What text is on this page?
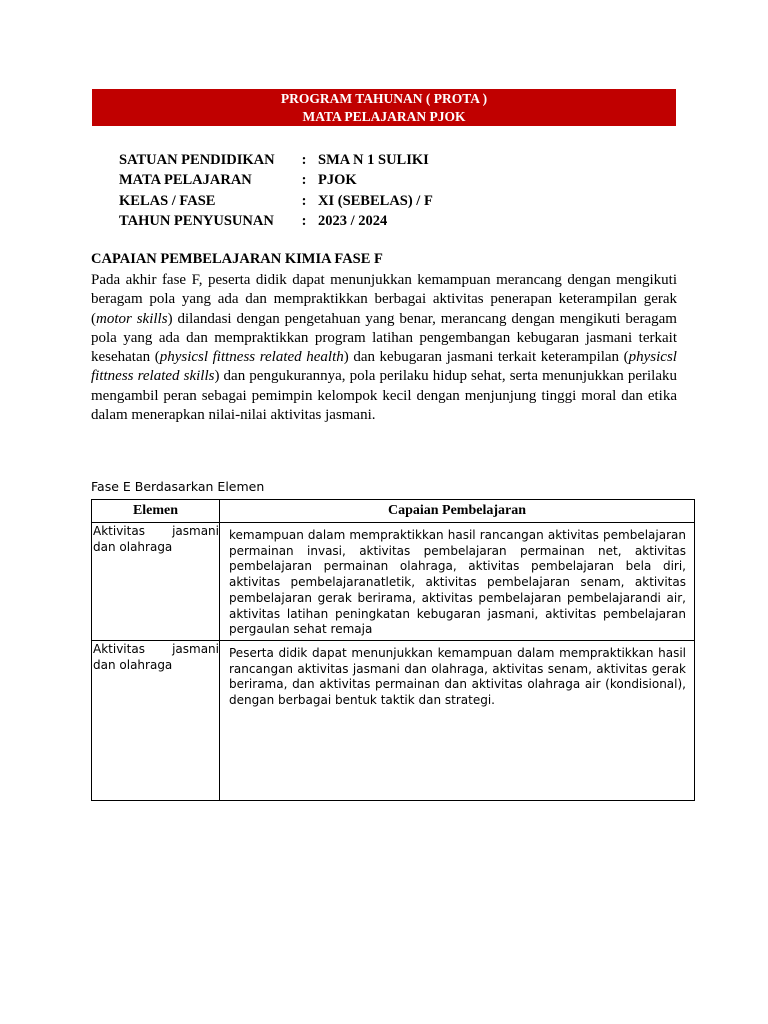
PROGRAM TAHUNAN ( PROTA )
MATA PELAJARAN PJOK
SATUAN PENDIDIKAN	:	SMA N 1 SULIKI
MATA PELAJARAN	:	PJOK
KELAS / FASE	:	XI (SEBELAS) / F
TAHUN PENYUSUNAN	:	2023 / 2024
CAPAIAN PEMBELAJARAN KIMIA FASE F

Pada akhir fase F, peserta didik dapat menunjukkan kemampuan merancang dengan mengikuti beragam pola yang ada dan mempraktikkan berbagai aktivitas penerapan keterampilan gerak (motor skills) dilandasi dengan pengetahuan yang benar, merancang dengan mengikuti beragam pola yang ada dan mempraktikkan program latihan pengembangan kebugaran jasmani terkait kesehatan (physicsl fittness related health) dan kebugaran jasmani terkait keterampilan (physicsl fittness related skills) dan pengukurannya, pola perilaku hidup sehat, serta menunjukkan perilaku mengambil peran sebagai pemimpin kelompok kecil dengan menjunjung tinggi moral dan etika dalam menerapkan nilai-nilai aktivitas jasmani.

Fase E Berdasarkan Elemen
Elemen	Capaian Pembelajaran

Aktivitas jasmani
dan olahraga	kemampuan dalam mempraktikkan hasil rancangan aktivitas pembelajaran permainan invasi, aktivitas pembelajaran permainan net, aktivitas pembelajaran permainan olahraga, aktivitas pembelajaran bela diri, aktivitas pembelajaranatletik, aktivitas pembelajaran senam, aktivitas pembelajaran gerak berirama, aktivitas pembelajaran pembelajarandi air, aktivitas latihan peningkatan kebugaran jasmani, aktivitas pembelajaran pergaulan sehat remaja

Aktivitas jasmani
dan olahraga	Peserta didik dapat menunjukkan kemampuan dalam mempraktikkan hasil rancangan aktivitas jasmani dan olahraga, aktivitas senam, aktivitas gerak berirama, dan aktivitas permainan dan aktivitas olahraga air (kondisional), dengan berbagai bentuk taktik dan strategi.
